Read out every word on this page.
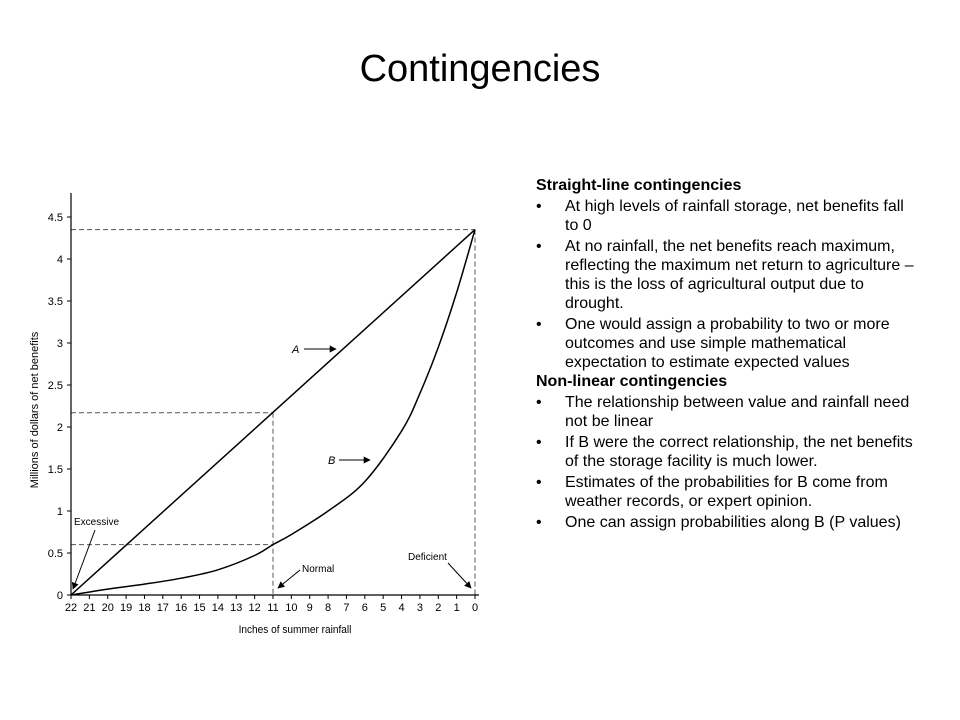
Contingencies
0
0.5
1
1.5
2
2.5
3
3.5
4
4.5
22 21 20 19 18 17 16 15 14 13 12 11 10 9 8 7 6 5 4 3 2 1 0
A
B
Excessive
Normal
Deficient
Inches of summer rainfall
Millions of dollars of net benefits
Straight-line contingencies
• At high levels of rainfall storage, net benefits fall to 0
• At no rainfall, the net benefits reach maximum, reflecting the maximum net return to agriculture – this is the loss of agricultural output due to drought.
• One would assign a probability to two or more outcomes and use simple mathematical expectation to estimate expected values
Non-linear contingencies
• The relationship between value and rainfall need not be linear
• If B were the correct relationship, the net benefits of the storage facility is much lower.
• Estimates of the probabilities for B come from weather records, or expert opinion.
• One can assign probabilities along B (P values)
